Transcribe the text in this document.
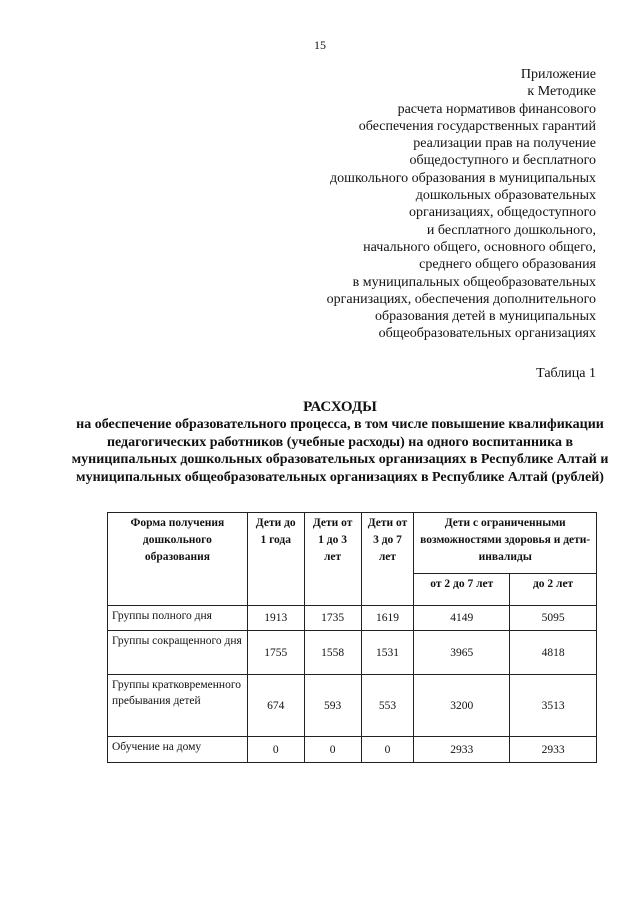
15
Приложение
к Методике
расчета нормативов финансового
обеспечения государственных гарантий
реализации прав на получение
общедоступного и бесплатного
дошкольного образования в муниципальных
дошкольных образовательных
организациях, общедоступного
и бесплатного дошкольного,
начального общего, основного общего,
среднего общего образования
в муниципальных общеобразовательных
организациях, обеспечения дополнительного
образования детей в муниципальных
общеобразовательных организациях
Таблица 1
РАСХОДЫ
на обеспечение образовательного процесса, в том числе повышение квалификации педагогических работников (учебные расходы) на одного воспитанника в муниципальных дошкольных образовательных организациях в Республике Алтай и муниципальных общеобразовательных организациях в Республике Алтай (рублей)
Форма получения дошкольного образования	Дети до 1 года	Дети от 1 до 3 лет	Дети от 3 до 7 лет	Дети с ограниченными возможностями здоровья и дети-инвалиды	
				от 2 до 7 лет	до 2 лет
Группы полного дня	1913	1735	1619	4149	5095
Группы сокращенного дня	1755	1558	1531	3965	4818
Группы кратковременного пребывания детей	674	593	553	3200	3513
Обучение на дому	0	0	0	2933	2933
